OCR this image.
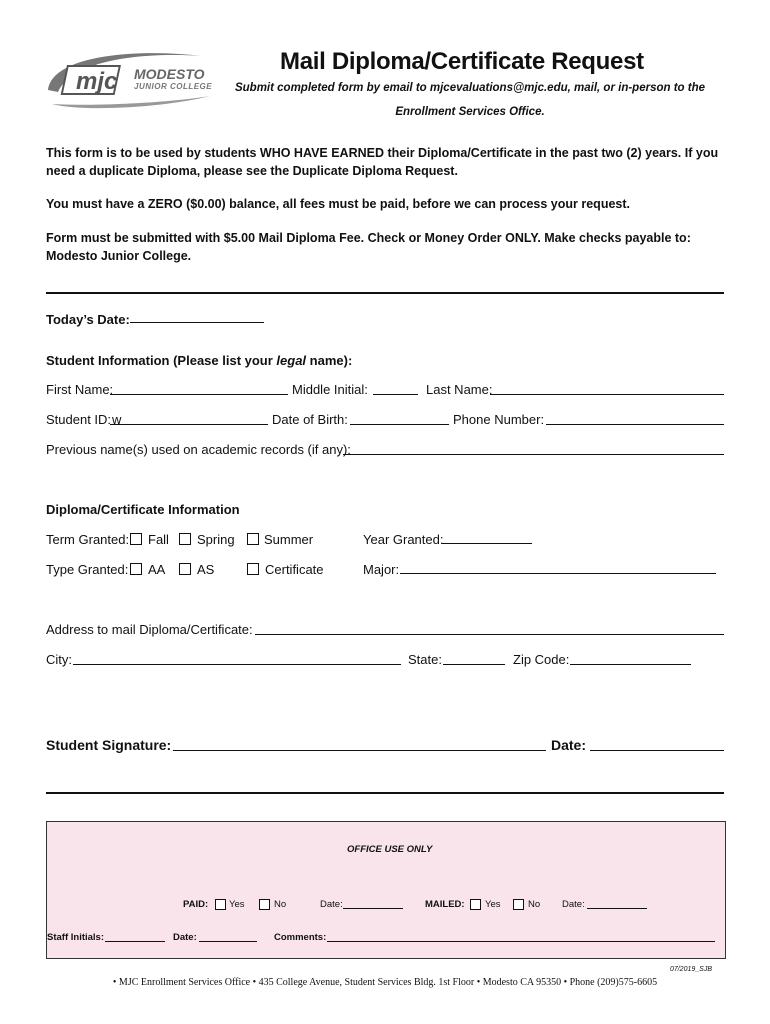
mjc MODESTO
JUNIOR COLLEGE
Mail Diploma/Certificate Request
Submit completed form by email to mjcevaluations@mjc.edu, mail, or in-person to the
Enrollment Services Office.
This form is to be used by students WHO HAVE EARNED their Diploma/Certificate in the past two (2) years. If you need a duplicate Diploma, please see the Duplicate Diploma Request.
You must have a ZERO ($0.00) balance, all fees must be paid, before we can process your request.
Form must be submitted with $5.00 Mail Diploma Fee. Check or Money Order ONLY. Make checks payable to: Modesto Junior College.
Today’s Date:
Student Information (Please list your legal name):
First Name:	Middle Initial:	Last Name:
Student ID: w	Date of Birth:	Phone Number:
Previous name(s) used on academic records (if any):
Diploma/Certificate Information
Term Granted: Fall Spring Summer	Year Granted:
Type Granted: AA AS	Certificate	Major:
Address to mail Diploma/Certificate:
City:	State:	Zip Code:
Student Signature:	Date:
OFFICE USE ONLY
PAID: Yes	No	Date:	MAILED: Yes	No Date:
Staff Initials:	Date:	Comments:
07/2019_SJB
• MJC Enrollment Services Office • 435 College Avenue, Student Services Bldg. 1st Floor • Modesto CA 95350 • Phone (209)575-6605
